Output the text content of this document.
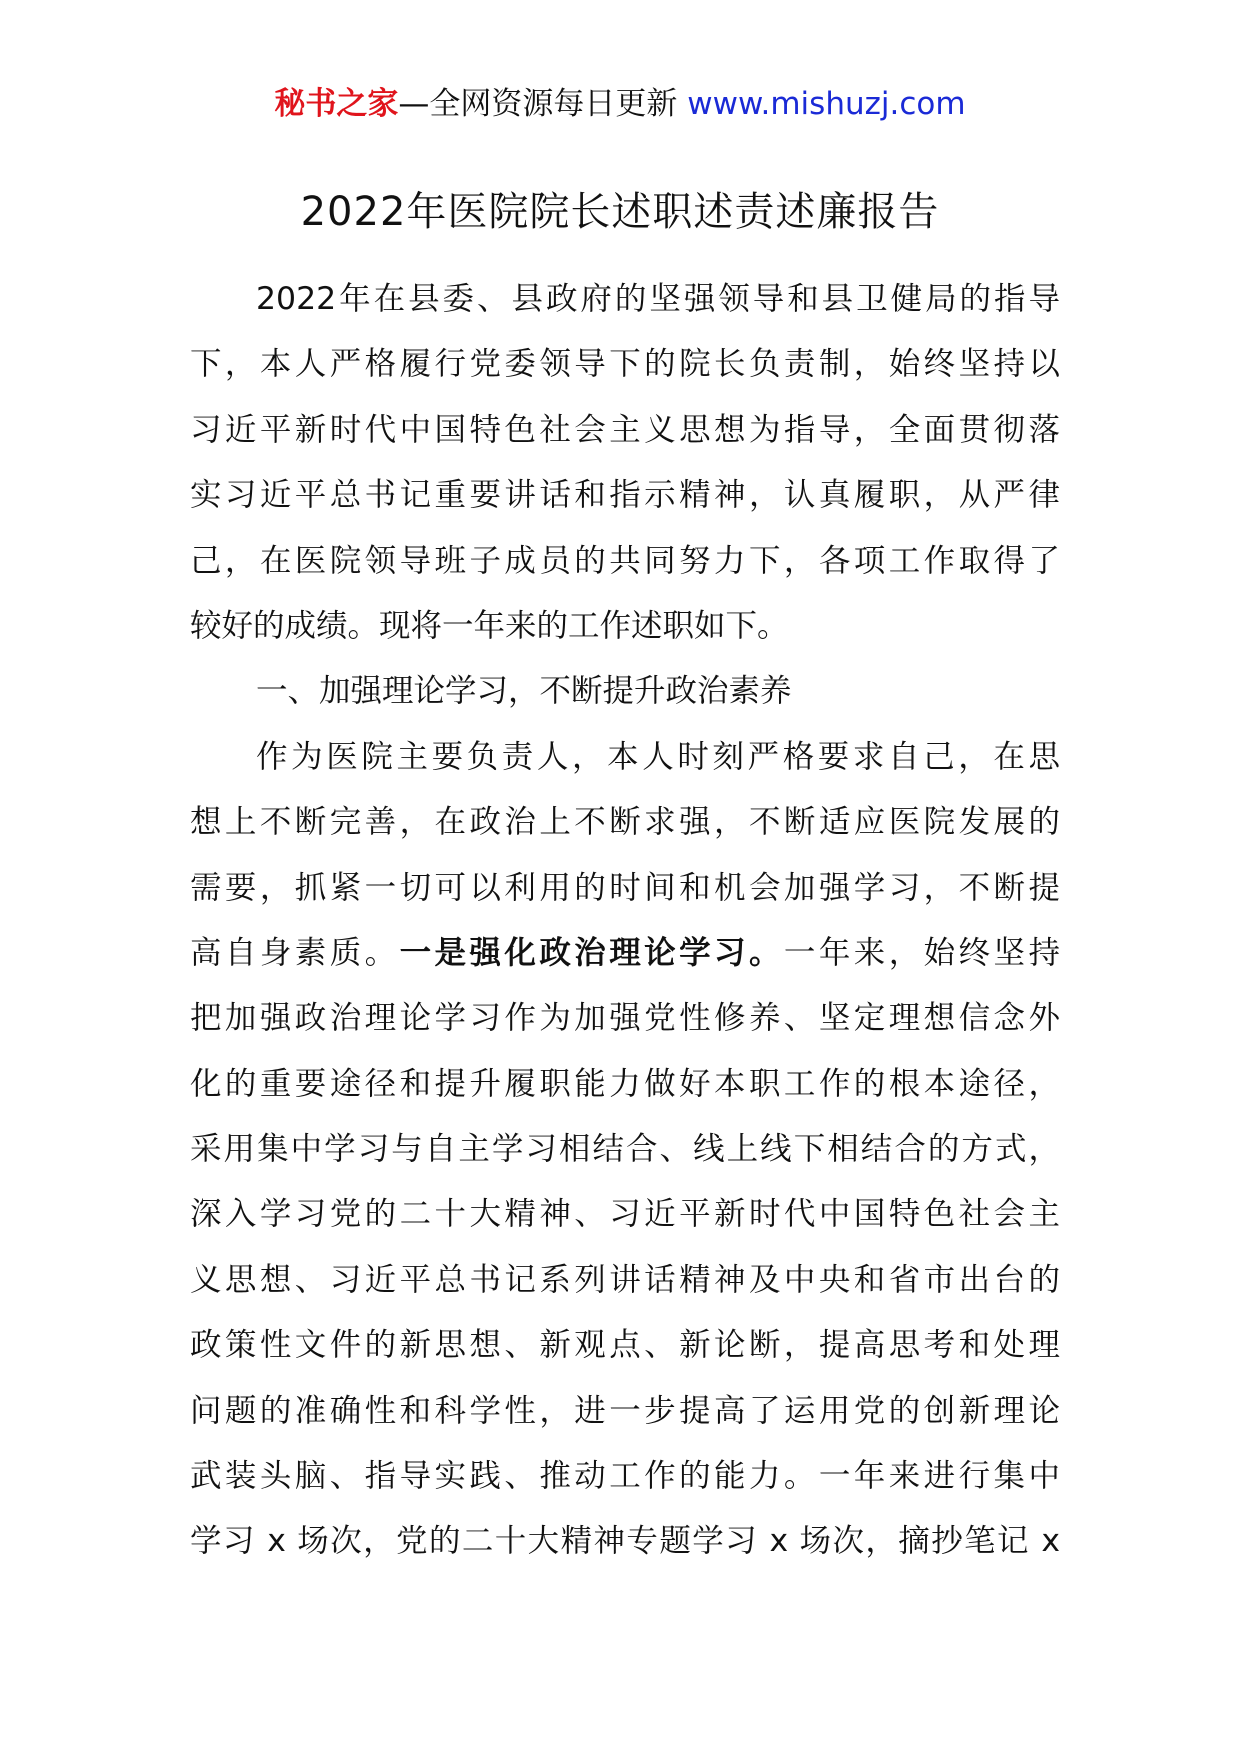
秘书之家—全网资源每日更新 www.mishuzj.com
2022年医院院长述职述责述廉报告
2022年在县委、县政府的坚强领导和县卫健局的指导
下，本人严格履行党委领导下的院长负责制，始终坚持以
习近平新时代中国特色社会主义思想为指导，全面贯彻落
实习近平总书记重要讲话和指示精神，认真履职，从严律
己，在医院领导班子成员的共同努力下，各项工作取得了
较好的成绩。现将一年来的工作述职如下。
一、加强理论学习，不断提升政治素养
作为医院主要负责人，本人时刻严格要求自己，在思
想上不断完善，在政治上不断求强，不断适应医院发展的
需要，抓紧一切可以利用的时间和机会加强学习，不断提
高自身素质。一是强化政治理论学习。一年来，始终坚持
把加强政治理论学习作为加强党性修养、坚定理想信念外
化的重要途径和提升履职能力做好本职工作的根本途径，
采用集中学习与自主学习相结合、线上线下相结合的方式，
深入学习党的二十大精神、习近平新时代中国特色社会主
义思想、习近平总书记系列讲话精神及中央和省市出台的
政策性文件的新思想、新观点、新论断，提高思考和处理
问题的准确性和科学性，进一步提高了运用党的创新理论
武装头脑、指导实践、推动工作的能力。一年来进行集中
学习 x 场次，党的二十大精神专题学习 x 场次，摘抄笔记 x
